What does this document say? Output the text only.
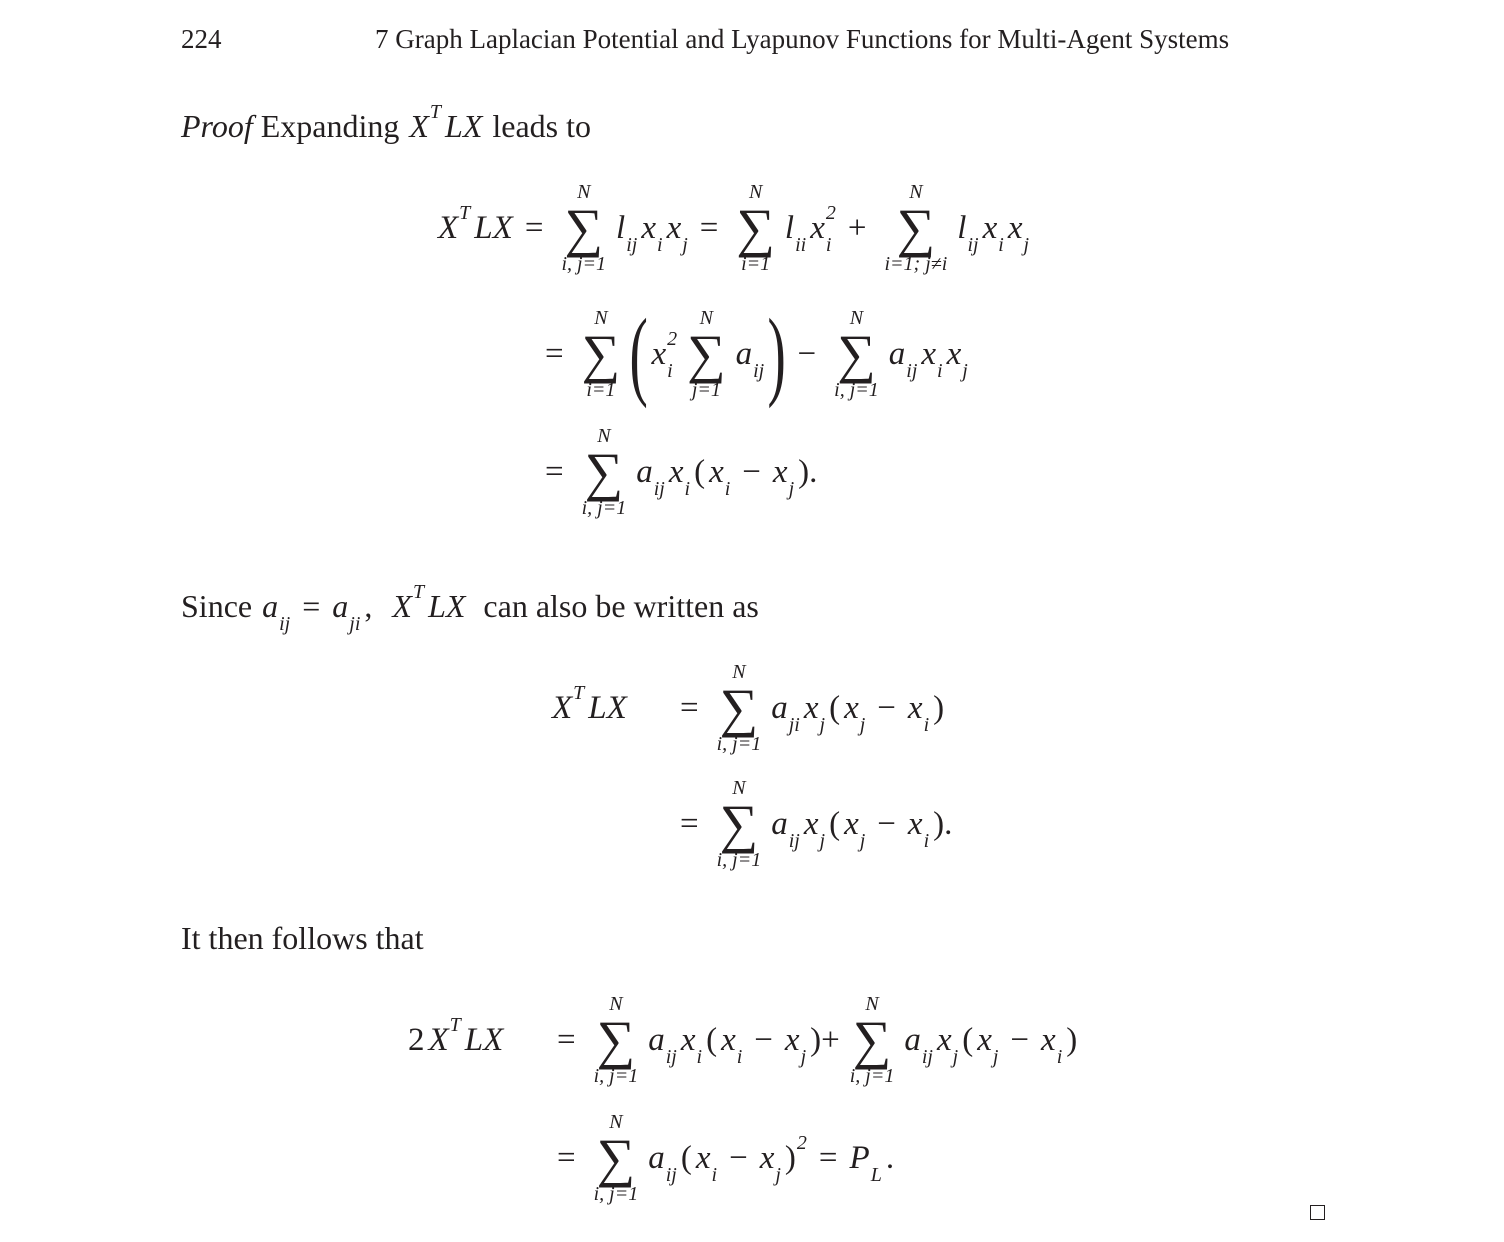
224	7 Graph Laplacian Potential and Lyapunov Functions for Multi-Agent Systems
Proof
Expanding
X T
LX
leads to
X T
LX =
N
∑
i, j=1
l
ij x
i x
j =
N
∑
i=1
l
ii x 2
i +
N
∑
i=1; j≠i
l
ij x
i x
j
=
N
∑
i=1 ( x 2
i
N
∑
j=1
a
ij ) −
N
∑
i, j=1
a
ij x
i x
j
=
N
∑
i, j=1
a
ij x
i ( x
i − x
j ).
Since
a
ij = a
ji ,
X T
LX
can also be written as
X T
LX =
N
∑
i, j=1
a
ji x
j ( x
j − x
i )
=
N
∑
i, j=1
a
ij x
j ( x
j − x
i ).
It then follows that
2 X T
LX =
N
∑
i, j=1
a
ij x
i ( x
i − x
j )+
N
∑
i, j=1
a
ij x
j ( x
j − x
i )
=
N
∑
i, j=1
a
ij ( x
i − x
j ) 2
= P
L .
